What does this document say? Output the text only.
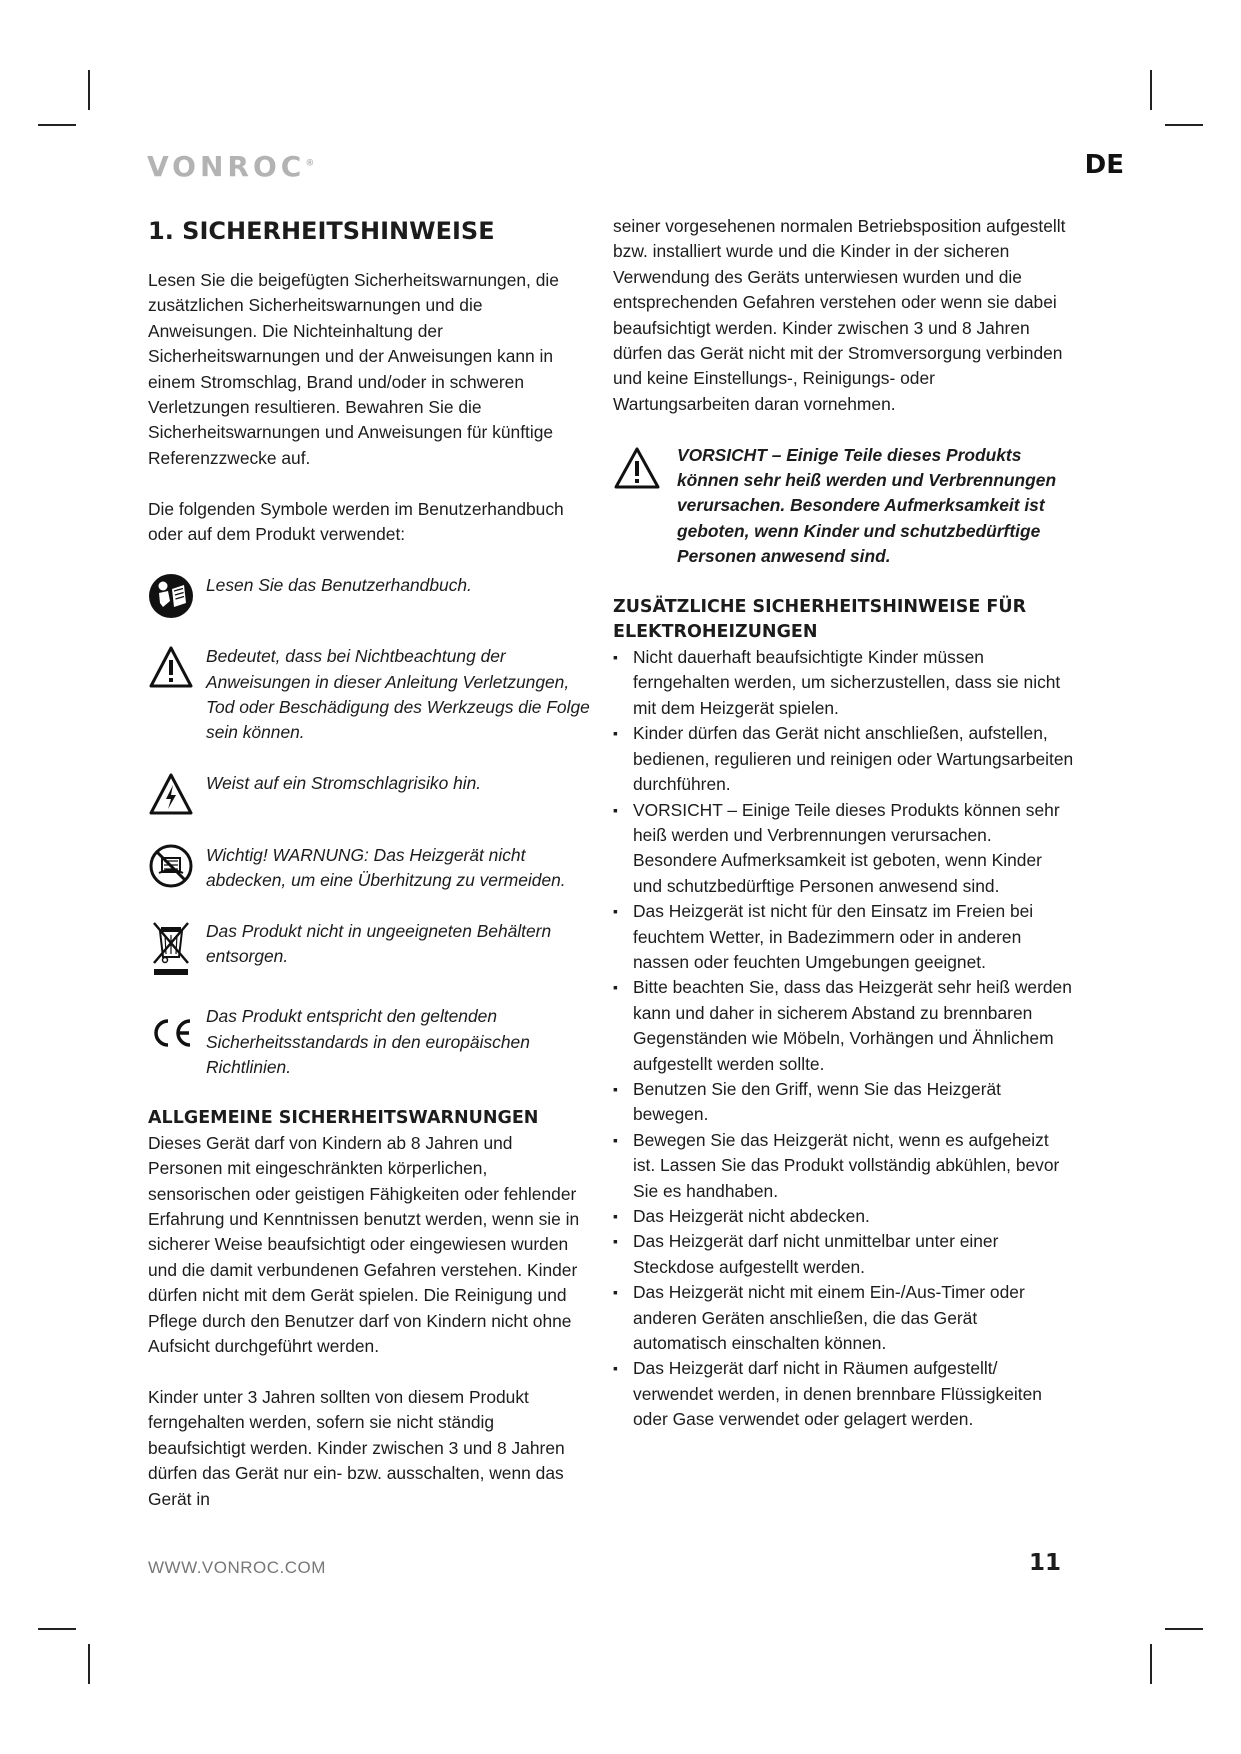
VONROC®	DE
1. SICHERHEITSHINWEISE

Lesen Sie die beigefügten Sicherheitswarnungen, die zusätzlichen Sicherheitswarnungen und die Anweisungen. Die Nichteinhaltung der Sicherheitswarnungen und der Anweisungen kann in einem Stromschlag, Brand und/oder in schweren Verletzungen resultieren. Bewahren Sie die Sicherheitswarnungen und Anweisungen für künftige Referenzzwecke auf.

Die folgenden Symbole werden im Benutzerhandbuch oder auf dem Produkt verwendet:

Lesen Sie das Benutzerhandbuch.
Bedeutet, dass bei Nichtbeachtung der Anweisungen in dieser Anleitung Verletzungen, Tod oder Beschädigung des Werkzeugs die Folge sein können.
Weist auf ein Stromschlagrisiko hin.
Wichtig! WARNUNG: Das Heizgerät nicht abdecken, um eine Überhitzung zu vermeiden.
Das Produkt nicht in ungeeigneten Behältern entsorgen.
Das Produkt entspricht den geltenden Sicherheitsstandards in den europäischen Richtlinien.
ALLGEMEINE SICHERHEITSWARNUNGEN

Dieses Gerät darf von Kindern ab 8 Jahren und Personen mit eingeschränkten körperlichen, sensorischen oder geistigen Fähigkeiten oder fehlender Erfahrung und Kenntnissen benutzt werden, wenn sie in sicherer Weise beaufsichtigt oder eingewiesen wurden und die damit verbundenen Gefahren verstehen. Kinder dürfen nicht mit dem Gerät spielen. Die Reinigung und Pflege durch den Benutzer darf von Kindern nicht ohne Aufsicht durchgeführt werden.

Kinder unter 3 Jahren sollten von diesem Produkt ferngehalten werden, sofern sie nicht ständig beaufsichtigt werden. Kinder zwischen 3 und 8 Jahren dürfen das Gerät nur ein- bzw. ausschalten, wenn das Gerät in

seiner vorgesehenen normalen Betriebsposition aufgestellt bzw. installiert wurde und die Kinder in der sicheren Verwendung des Geräts unterwiesen wurden und die entsprechenden Gefahren verstehen oder wenn sie dabei beaufsichtigt werden. Kinder zwischen 3 und 8 Jahren dürfen das Gerät nicht mit der Stromversorgung verbinden und keine Einstellungs-, Reinigungs- oder Wartungsarbeiten daran vornehmen.

VORSICHT – Einige Teile dieses Produkts können sehr heiß werden und Verbrennungen verursachen. Besondere Aufmerksamkeit ist geboten, wenn Kinder und schutzbedürftige Personen anwesend sind.
ZUSÄTZLICHE SICHERHEITSHINWEISE FÜR ELEKTROHEIZUNGEN
▪ Nicht dauerhaft beaufsichtigte Kinder müssen ferngehalten werden, um sicherzustellen, dass sie nicht mit dem Heizgerät spielen.
▪ Kinder dürfen das Gerät nicht anschließen, aufstellen, bedienen, regulieren und reinigen oder Wartungsarbeiten durchführen.
▪ VORSICHT – Einige Teile dieses Produkts können sehr heiß werden und Verbrennungen verursachen. Besondere Aufmerksamkeit ist geboten, wenn Kinder und schutzbedürftige Personen anwesend sind.
▪ Das Heizgerät ist nicht für den Einsatz im Freien bei feuchtem Wetter, in Badezimmern oder in anderen nassen oder feuchten Umgebungen geeignet.
▪ Bitte beachten Sie, dass das Heizgerät sehr heiß werden kann und daher in sicherem Abstand zu brennbaren Gegenständen wie Möbeln, Vorhängen und Ähnlichem aufgestellt werden sollte.
▪ Benutzen Sie den Griff, wenn Sie das Heizgerät bewegen.
▪ Bewegen Sie das Heizgerät nicht, wenn es aufgeheizt ist. Lassen Sie das Produkt vollständig abkühlen, bevor Sie es handhaben.
▪ Das Heizgerät nicht abdecken.
▪ Das Heizgerät darf nicht unmittelbar unter einer Steckdose aufgestellt werden.
▪ Das Heizgerät nicht mit einem Ein-/Aus-Timer oder anderen Geräten anschließen, die das Gerät automatisch einschalten können.
▪ Das Heizgerät darf nicht in Räumen aufgestellt/ verwendet werden, in denen brennbare Flüssigkeiten oder Gase verwendet oder gelagert werden.
WWW.VONROC.COM	11
